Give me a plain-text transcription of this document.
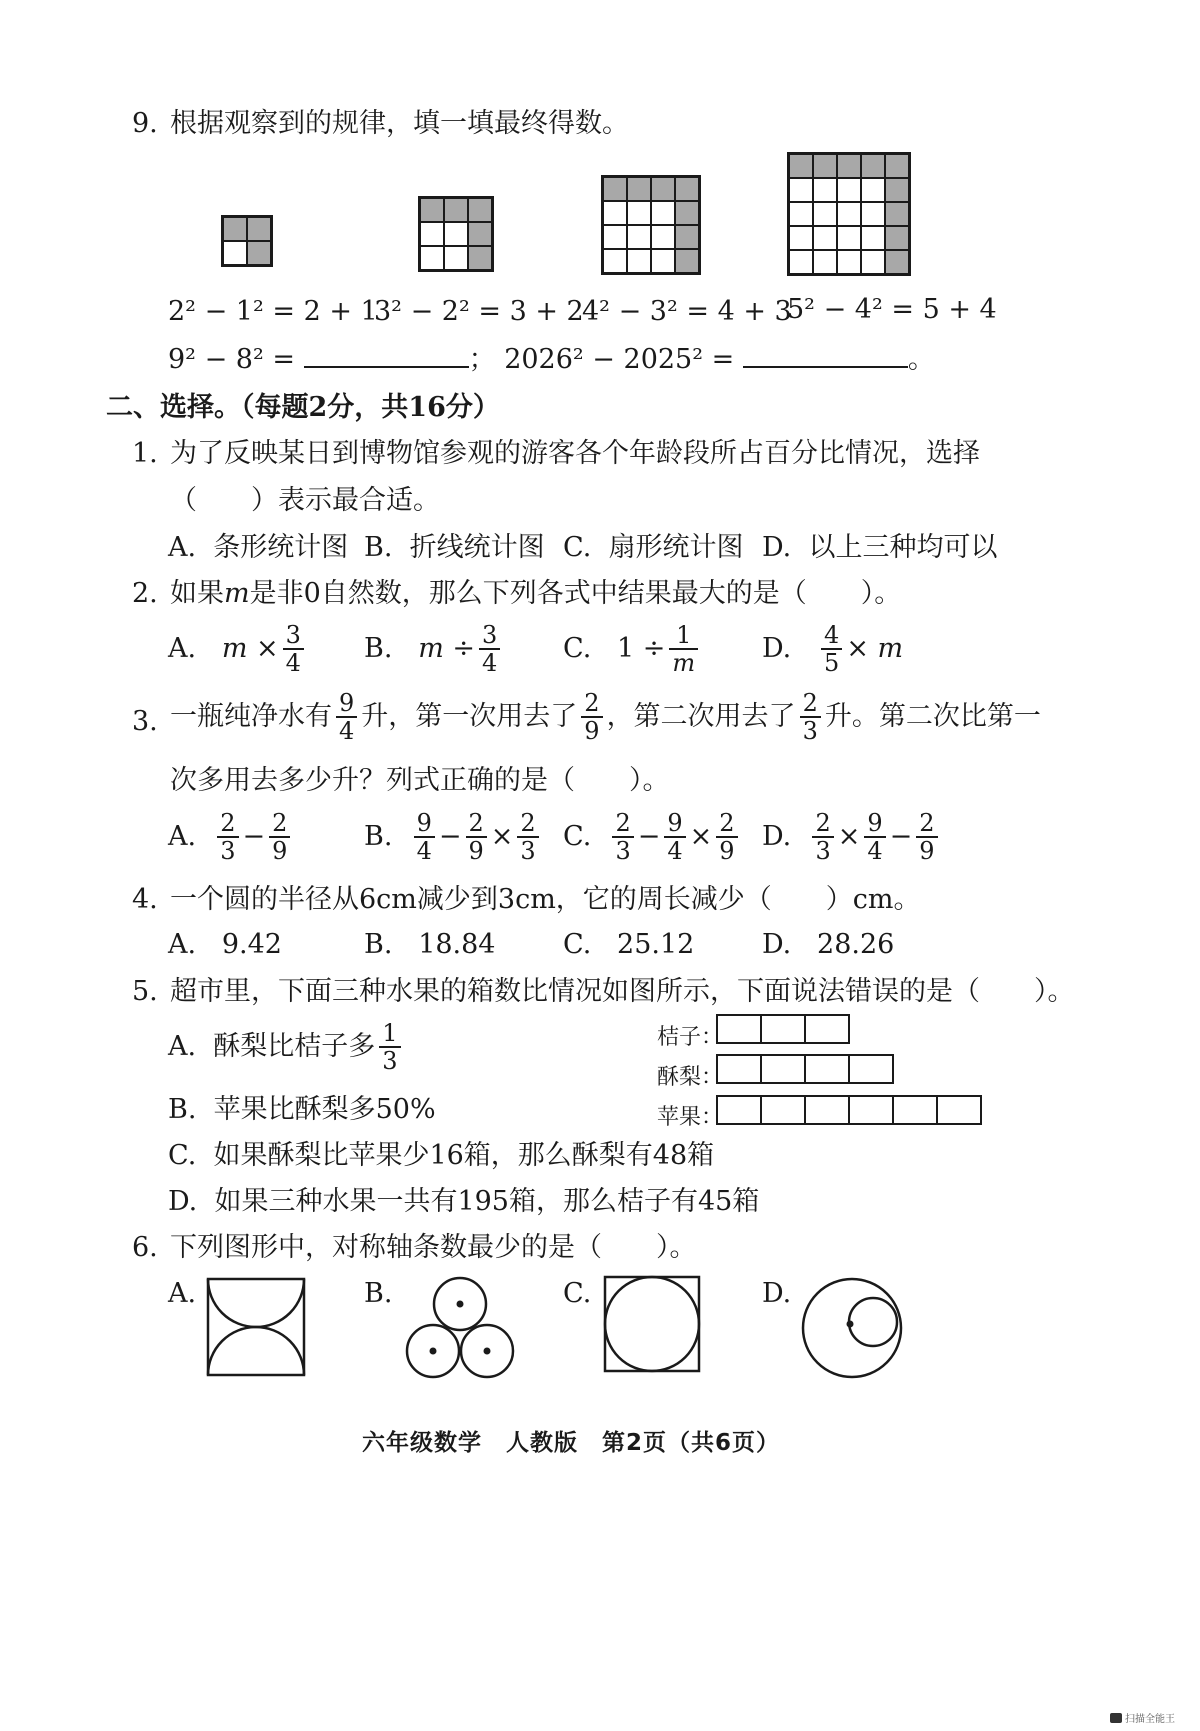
9. 根据观察到的规律，填一填最终得数。
2² − 1² = 2 + 1
3² − 2² = 3 + 2
4² − 3² = 4 + 3
5² − 4² = 5 + 4
9² − 8² =	； 2026² − 2025² =	。
二、选择。（每题2分，共16分）
1. 为了反映某日到博物馆参观的游客各个年龄段所占百分比情况，选择
（　　）表示最合适。
A. 条形统计图 B. 折线统计图 C. 扇形统计图 D. 以上三种均可以
2. 如果m是非0自然数，那么下列各式中结果最大的是（　　）。
A. $m \times \frac{3}{4} B$. $m \div \frac{3}{4} C$. $1 \div \frac{1}{m} D$. $\frac{4}{5} \times m$
3. 一瓶纯净水有 $\frac{9}{4}$ 升，第一次用去了 $\frac{2}{9}$ ，第二次用去了 $\frac{2}{3}$ 升。第二次比第一
次多用去多少升？列式正确的是（　　）。
A. $\frac{2}{3} - \frac{2}{9}$	B. $\frac{9}{4} - \frac{2}{9} \times \frac{2}{3} C$. $\frac{2}{3} - \frac{9}{4} \times \frac{2}{9} D$. $\frac{2}{3} \times \frac{9}{4} - \frac{2}{9}$
4. 一个圆的半径从6cm减少到3cm，它的周长减少（　　）cm。
A. 9.42	B. 18.84	C. 25.12	D. 28.26
5. 超市里，下面三种水果的箱数比情况如图所示，下面说法错误的是（　　）。
A. 酥梨比桔子多 $\frac{1}{3}$
B. 苹果比酥梨多50%
C. 如果酥梨比苹果少16箱，那么酥梨有48箱
D. 如果三种水果一共有195箱，那么桔子有45箱
桔子：
酥梨：
苹果：
6. 下列图形中，对称轴条数最少的是（　　）。
A.	B.	C.	D.
六年级数学　人教版　第2页（共6页）
扫描全能王
